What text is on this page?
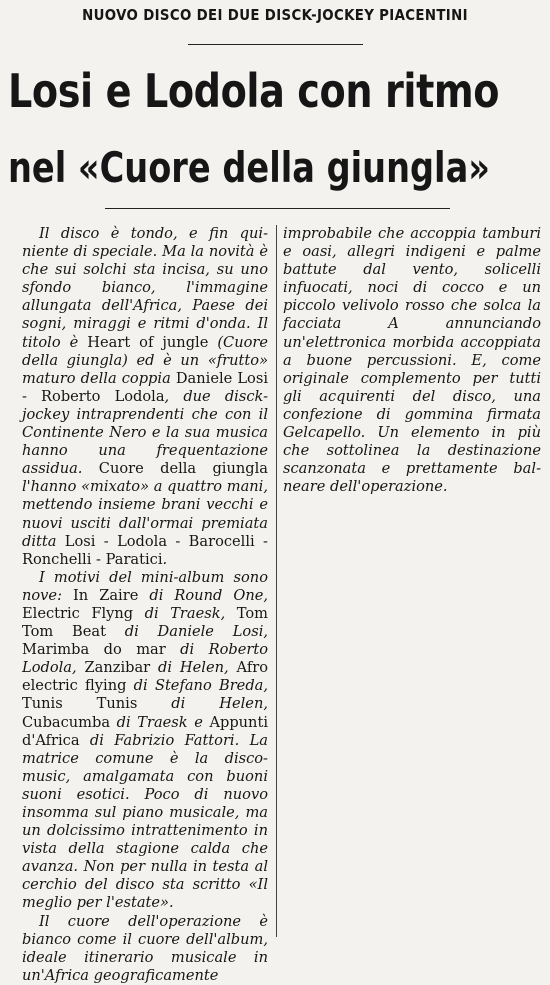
NUOVO DISCO DEI DUE DISCK-JOCKEY PIACENTINI
Losi e Lodola con ritmo
nel «Cuore della giungla»

Il disco è tondo, e fin quiniente di speciale. Ma la novità è che sui solchi sta incisa, su uno sfondo bianco, l'immagine allungata dell'Africa, Paese dei sogni, miraggi e ritmi d'onda. Il titolo è Heart of jungle (Cuore della giungla) ed è un «frutto» maturo della coppia Daniele Losi - Roberto Lodola, due disck-jockey intraprendenti che con il Continente Nero e la sua musica hanno una frequentazione assidua. Cuore della giungla l'hanno «mixato» a quattro mani, mettendo insieme brani vecchi e nuovi usciti dall'ormai premiata ditta Losi - Lodola - Barocelli - Ronchelli - Paratici.

I motivi del mini-album sono nove: In Zaire di Round One, Electric Flyng di Traesk, Tom Tom Beat di Daniele Losi, Marimba do mar di Roberto Lodola, Zanzibar di Helen, Afro electric flying di Stefano Breda, Tunis Tunis di Helen, Cubacumba di Traesk e Appunti d'Africa di Fabrizio Fattori. La matrice comune è la disco-music, amalgamata con buoni suoni esotici. Poco di nuovo insomma sul piano musicale, ma un dolcissimo intrattenimento in vista della stagione calda che avanza. Non per nulla in testa al cerchio del disco sta scritto «Il meglio per l'estate».

Il cuore dell'operazione è bianco come il cuore dell'album, ideale itinerario musicale in un'Africa geograficamente

improbabile che accoppia tamburi e oasi, allegri indigeni e palme battute dal vento, solicelli infuocati, noci di cocco e un piccolo velivolo rosso che solca la facciata A annunciando un'elettronica morbida accoppiata a buone percussioni. E, come originale complemento per tutti gli acquirenti del disco, una confezione di gommina firmata Gelcapello. Un elemento in più che sottolinea la destinazione scanzonata e prettamente balneare dell'operazione.
